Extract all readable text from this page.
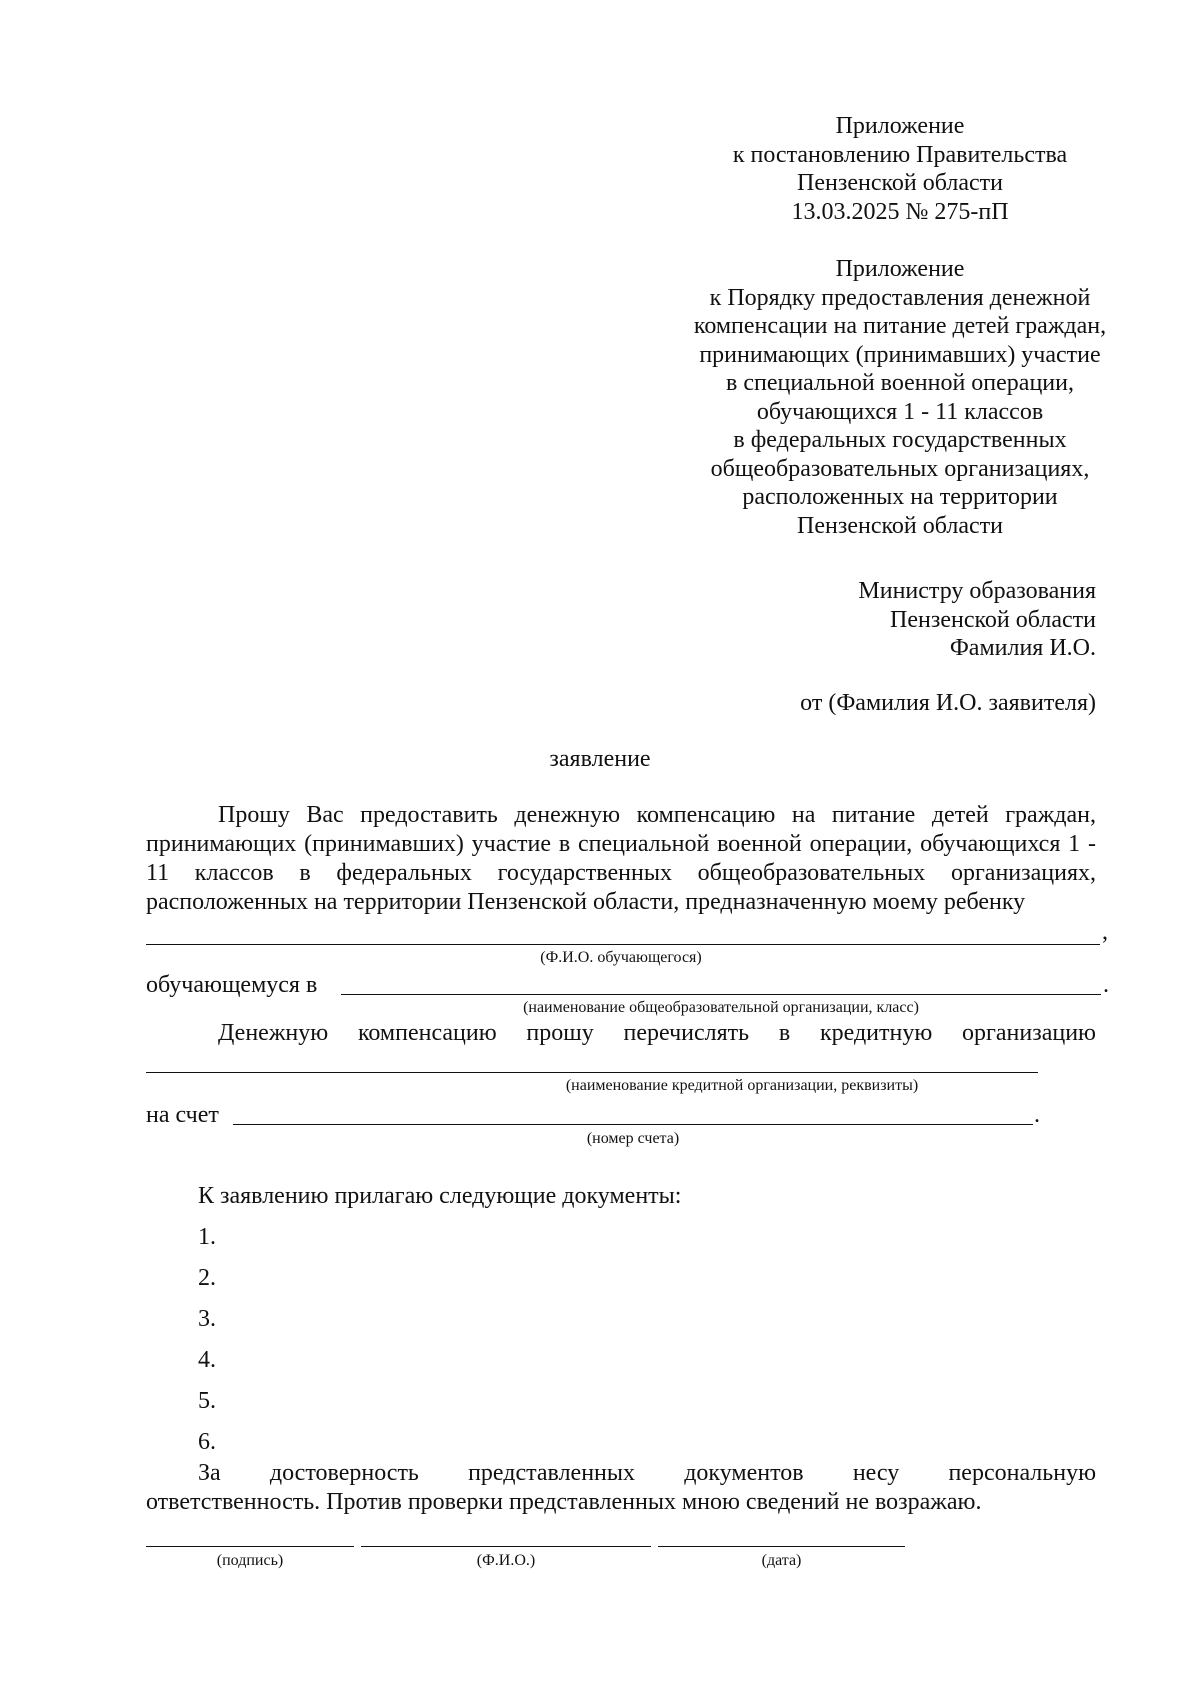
Приложение
к постановлению Правительства
Пензенской области
13.03.2025 № 275-пП
Приложение
к Порядку предоставления денежной
компенсации на питание детей граждан,
принимающих (принимавших) участие
в специальной военной операции,
обучающихся 1 - 11 классов
в федеральных государственных
общеобразовательных организациях,
расположенных на территории
Пензенской области
Министру образования
Пензенской области
Фамилия И.О.
от (Фамилия И.О. заявителя)
заявление

Прошу Вас предоставить денежную компенсацию на питание детей граждан, принимающих (принимавших) участие в специальной военной операции, обучающихся 1 - 11 классов в федеральных государственных общеобразовательных организациях, расположенных на территории Пензенской области, предназначенную моему ребенку

,
(Ф.И.О. обучающегося)
обучающемуся в	.
(наименование общеобразовательной организации, класс)
Денежную компенсацию прошу перечислять в кредитную организацию
(наименование кредитной организации, реквизиты)
на счет	.
(номер счета)
К заявлению прилагаю следующие документы:
1.
2.
3.
4.
5.
6.
За достоверность представленных документов несу персональную
ответственность. Против проверки представленных мною сведений не возражаю.
(подпись)	(Ф.И.О.)	(дата)
